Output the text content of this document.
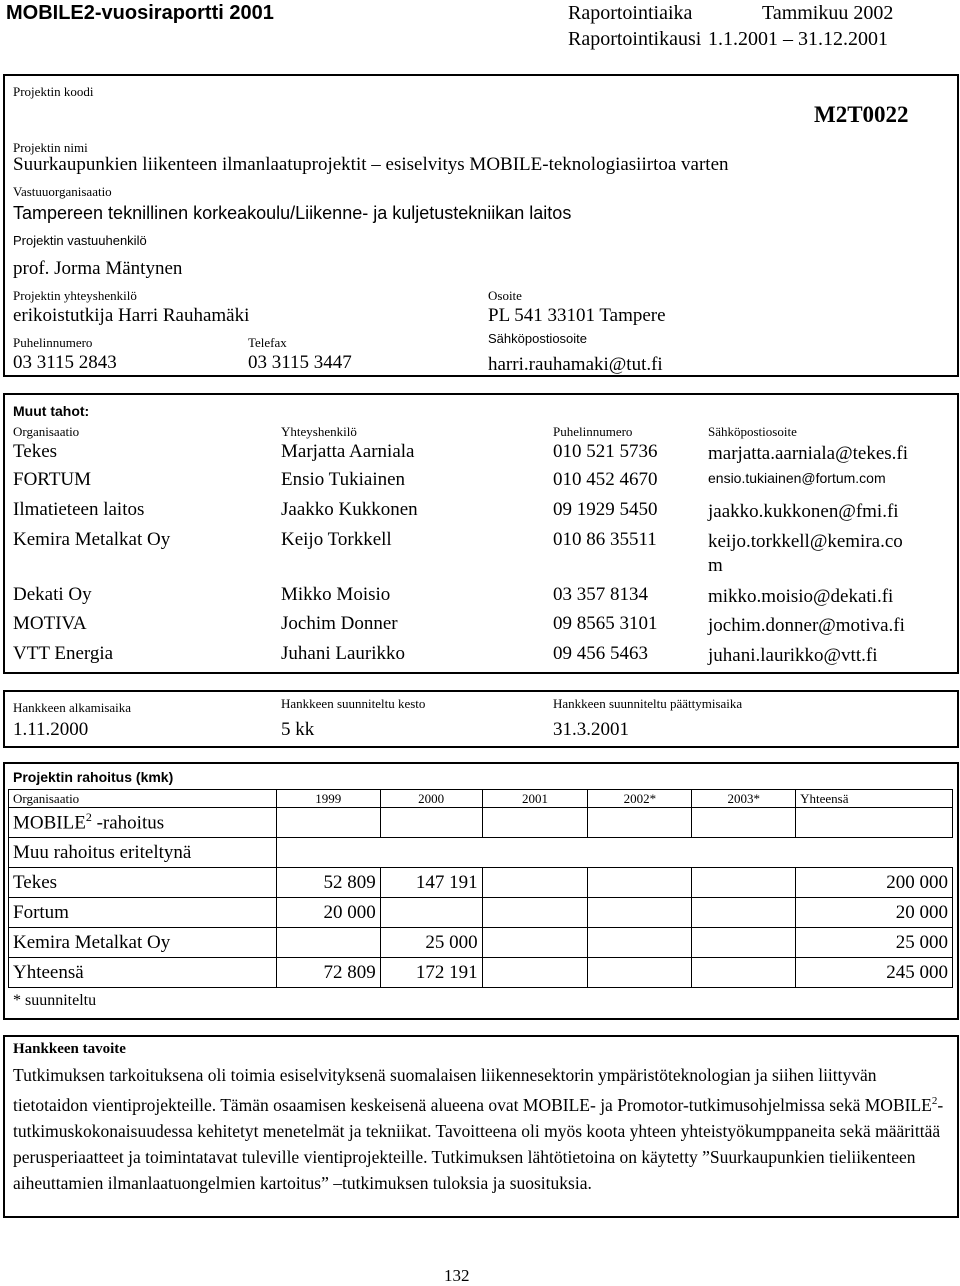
MOBILE2-vuosiraportti 2001	Raportointiaika	Tammikuu 2002
Raportointikausi 1.1.2001 – 31.12.2001
Projektin koodi
M2T0022
Projektin nimi
Suurkaupunkien liikenteen ilmanlaatuprojektit – esiselvitys MOBILE-teknologiasiirtoa varten
Vastuuorganisaatio
Tampereen teknillinen korkeakoulu/Liikenne- ja kuljetustekniikan laitos
Projektin vastuuhenkilö
prof. Jorma Mäntynen
Projektin yhteyshenkilö
erikoistutkija Harri Rauhamäki
Osoite
PL 541 33101 Tampere
Puhelinnumero
03 3115 2843
Telefax
03 3115 3447
Sähköpostiosoite
harri.rauhamaki@tut.fi
Muut tahot:
Organisaatio	Yhteyshenkilö	Puhelinnumero	Sähköpostiosoite
Tekes	Marjatta Aarniala	010 521 5736	marjatta.aarniala@tekes.fi
FORTUM	Ensio Tukiainen	010 452 4670	ensio.tukiainen@fortum.com
Ilmatieteen laitos	Jaakko Kukkonen	09 1929 5450	jaakko.kukkonen@fmi.fi
Kemira Metalkat Oy	Keijo Torkkell	010 86 35511	keijo.torkkell@kemira.co
m
Dekati Oy	Mikko Moisio	03 357 8134	mikko.moisio@dekati.fi
MOTIVA	Jochim Donner	09 8565 3101	jochim.donner@motiva.fi
VTT Energia	Juhani Laurikko	09 456 5463	juhani.laurikko@vtt.fi
Hankkeen alkamisaika
1.11.2000
Hankkeen suunniteltu kesto
5 kk
Hankkeen suunniteltu päättymisaika
31.3.2001
Projektin rahoitus (kmk)
Organisaatio	1999	2000	2001	2002*	2003*	Yhteensä
MOBILE$^2$ -rahoitus						
Muu rahoitus eriteltynä						
Tekes	52 809	147 191				200 000
Fortum	20 000					20 000
Kemira Metalkat Oy		25 000				25 000
Yhteensä	72 809	172 191				245 000
* suunniteltu
Hankkeen tavoite
Tutkimuksen tarkoituksena oli toimia esiselvityksenä suomalaisen liikennesektorin ympäristöteknologian ja siihen liittyvän tietotaidon vientiprojekteille. Tämän osaamisen keskeisenä alueena ovat MOBILE- ja Promotor-tutkimusohjelmissa sekä MOBILE$^2$-tutkimuskokonaisuudessa kehitetyt menetelmät ja tekniikat. Tavoitteena oli myös koota yhteen yhteistyökumppaneita sekä määrittää perusperiaatteet ja toimintatavat tuleville vientiprojekteille. Tutkimuksen lähtötietoina on käytetty ”Suurkaupunkien tieliikenteen aiheuttamien ilmanlaatuongelmien kartoitus” –tutkimuksen tuloksia ja suosituksia.
132
